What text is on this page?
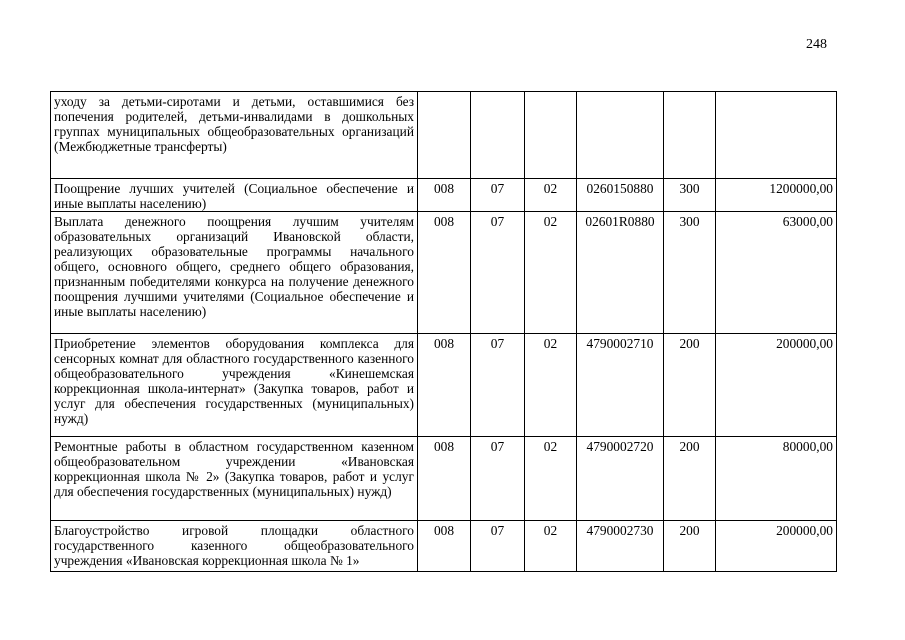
248
уходу за детьми-сиротами и детьми, оставшимися без попечения родителей, детьми-инвалидами в дошкольных группах муниципальных общеобразовательных организаций (Межбюджетные трансферты)						
Поощрение лучших учителей (Социальное обеспечение и иные выплаты населению)	008	07	02	0260150880	300	1200000,00
Выплата денежного поощрения лучшим учителям образовательных организаций Ивановской области, реализующих образовательные программы начального общего, основного общего, среднего общего образования, признанным победителями конкурса на получение денежного поощрения лучшими учителями (Социальное обеспечение и иные выплаты населению)	008	07	02	02601R0880	300	63000,00
Приобретение элементов оборудования комплекса для сенсорных комнат для областного государственного казенного общеобразовательного учреждения «Кинешемская коррекционная школа-интернат» (Закупка товаров, работ и услуг для обеспечения государственных (муниципальных) нужд)	008	07	02	4790002710	200	200000,00
Ремонтные работы в областном государственном казенном общеобразовательном учреждении «Ивановская коррекционная школа № 2» (Закупка товаров, работ и услуг для обеспечения государственных (муниципальных) нужд)	008	07	02	4790002720	200	80000,00
Благоустройство игровой площадки областного государственного казенного общеобразовательного учреждения «Ивановская коррекционная школа № 1»	008	07	02	4790002730	200	200000,00
